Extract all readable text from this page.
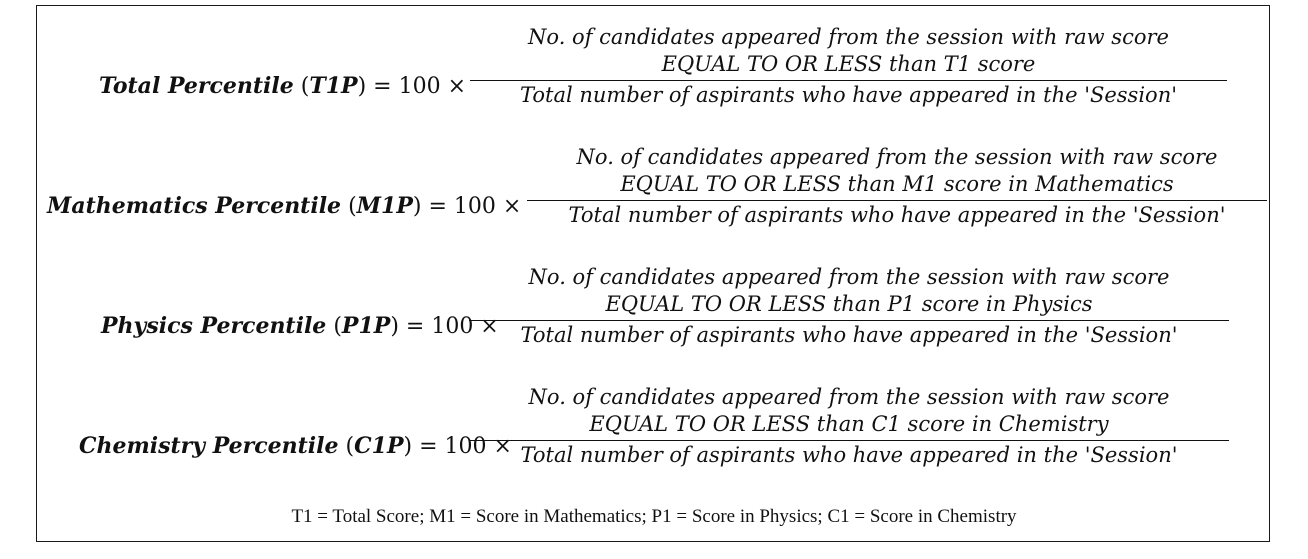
Total Percentile (T1P) = 100 ×
No. of candidates appeared from the session with raw score
EQUAL TO OR LESS than T1 score
Total number of aspirants who have appeared in the 'Session'
Mathematics Percentile (M1P) = 100 ×
No. of candidates appeared from the session with raw score
EQUAL TO OR LESS than M1 score in Mathematics
Total number of aspirants who have appeared in the 'Session'
Physics Percentile (P1P) = 100 ×
No. of candidates appeared from the session with raw score
EQUAL TO OR LESS than P1 score in Physics
Total number of aspirants who have appeared in the 'Session'
Chemistry Percentile (C1P) = 100 ×
No. of candidates appeared from the session with raw score
EQUAL TO OR LESS than C1 score in Chemistry
Total number of aspirants who have appeared in the 'Session'
T1 = Total Score; M1 = Score in Mathematics; P1 = Score in Physics; C1 = Score in Chemistry
